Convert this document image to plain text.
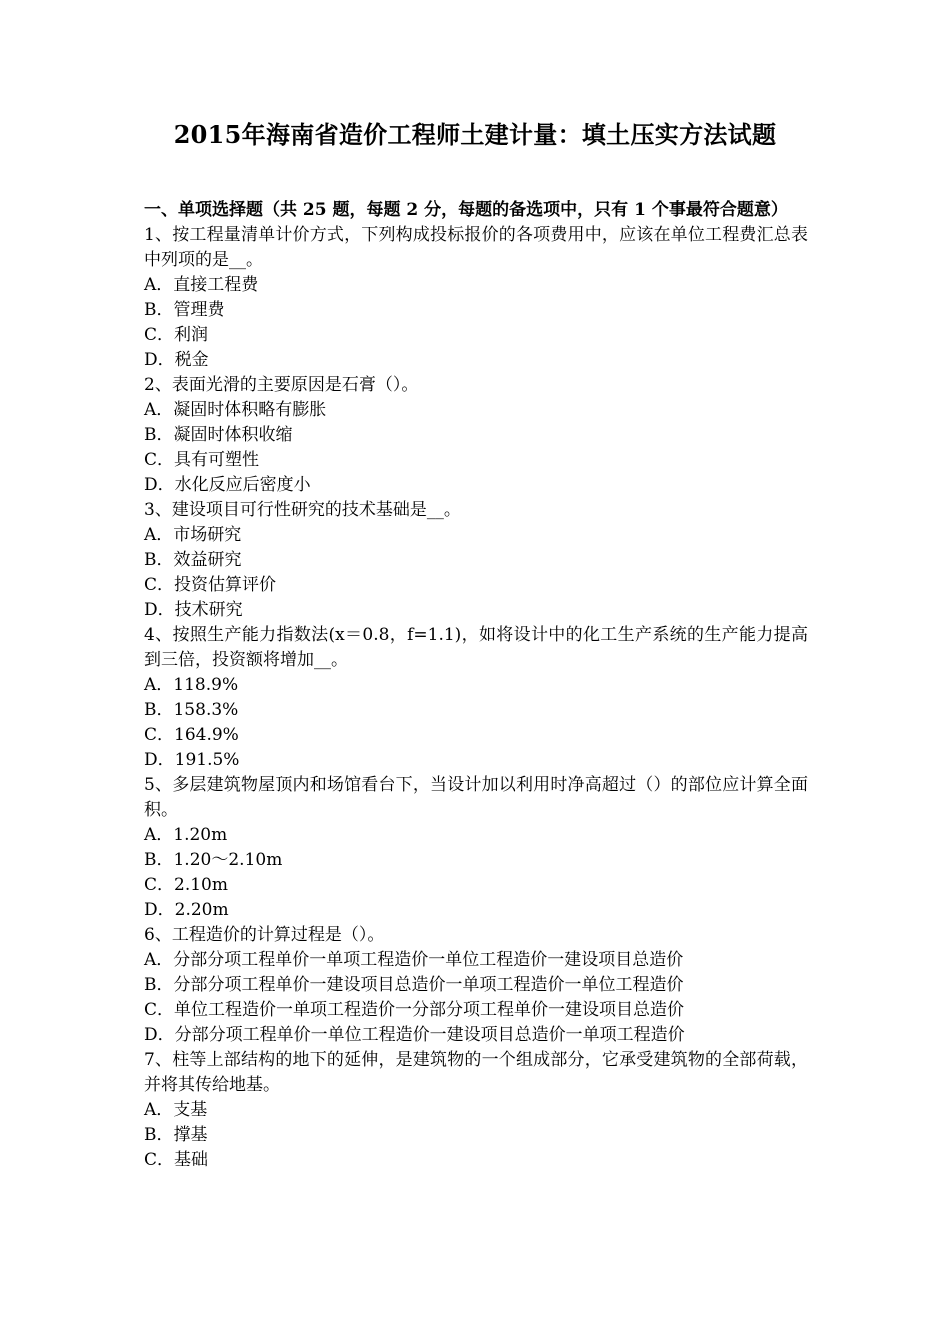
2015年海南省造价工程师土建计量：填土压实方法试题

一、单项选择题（共 25 题，每题 2 分，每题的备选项中，只有 1 个事最符合题意）

1、按工程量清单计价方式，下列构成投标报价的各项费用中，应该在单位工程费汇总表中列项的是__。

A．直接工程费

B．管理费

C．利润

D．税金

2、表面光滑的主要原因是石膏（）。

A．凝固时体积略有膨胀

B．凝固时体积收缩

C．具有可塑性

D．水化反应后密度小

3、建设项目可行性研究的技术基础是__。

A．市场研究

B．效益研究

C．投资估算评价

D．技术研究

4、按照生产能力指数法(x＝0.8，f=1.1)，如将设计中的化工生产系统的生产能力提高到三倍，投资额将增加__。

A．118.9%

B．158.3%

C．164.9%

D．191.5%

5、多层建筑物屋顶内和场馆看台下，当设计加以利用时净高超过（）的部位应计算全面积。

A．1.20m

B．1.20～2.10m

C．2.10m

D．2.20m

6、工程造价的计算过程是（）。

A．分部分项工程单价一单项工程造价一单位工程造价一建设项目总造价

B．分部分项工程单价一建设项目总造价一单项工程造价一单位工程造价

C．单位工程造价一单项工程造价一分部分项工程单价一建设项目总造价

D．分部分项工程单价一单位工程造价一建设项目总造价一单项工程造价

7、柱等上部结构的地下的延伸，是建筑物的一个组成部分，它承受建筑物的全部荷载，并将其传给地基。

A．支基

B．撑基

C．基础
